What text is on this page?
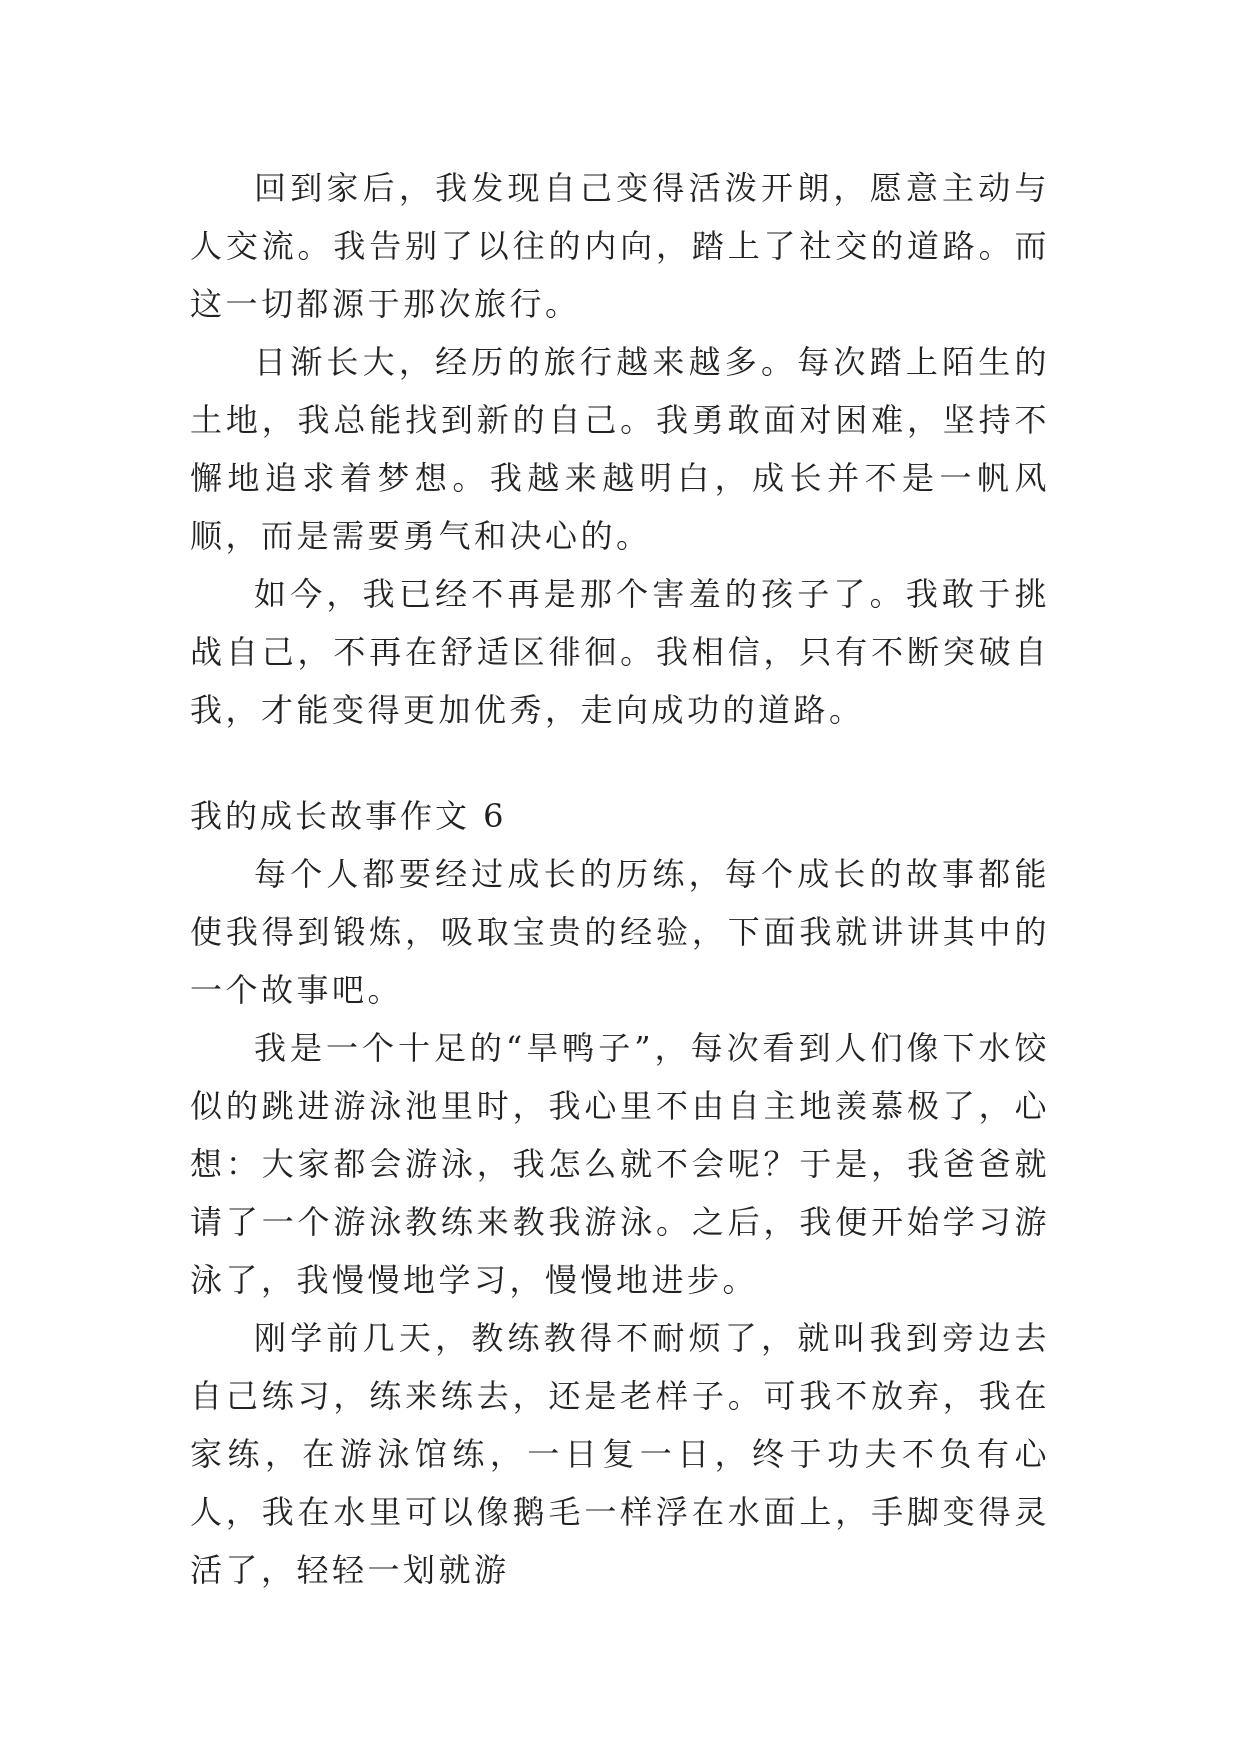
回到家后，我发现自己变得活泼开朗，愿意主动与人交流。我告别了以往的内向，踏上了社交的道路。而这一切都源于那次旅行。

日渐长大，经历的旅行越来越多。每次踏上陌生的土地，我总能找到新的自己。我勇敢面对困难，坚持不懈地追求着梦想。我越来越明白，成长并不是一帆风顺，而是需要勇气和决心的。

如今，我已经不再是那个害羞的孩子了。我敢于挑战自己，不再在舒适区徘徊。我相信，只有不断突破自我，才能变得更加优秀，走向成功的道路。

我的成长故事作文 6

每个人都要经过成长的历练，每个成长的故事都能使我得到锻炼，吸取宝贵的经验，下面我就讲讲其中的一个故事吧。

我是一个十足的“旱鸭子”，每次看到人们像下水饺似的跳进游泳池里时，我心里不由自主地羡慕极了，心想：大家都会游泳，我怎么就不会呢？于是，我爸爸就请了一个游泳教练来教我游泳。之后，我便开始学习游泳了，我慢慢地学习，慢慢地进步。

刚学前几天，教练教得不耐烦了，就叫我到旁边去自己练习，练来练去，还是老样子。可我不放弃，我在家练，在游泳馆练，一日复一日，终于功夫不负有心人，我在水里可以像鹅毛一样浮在水面上，手脚变得灵活了，轻轻一划就游
